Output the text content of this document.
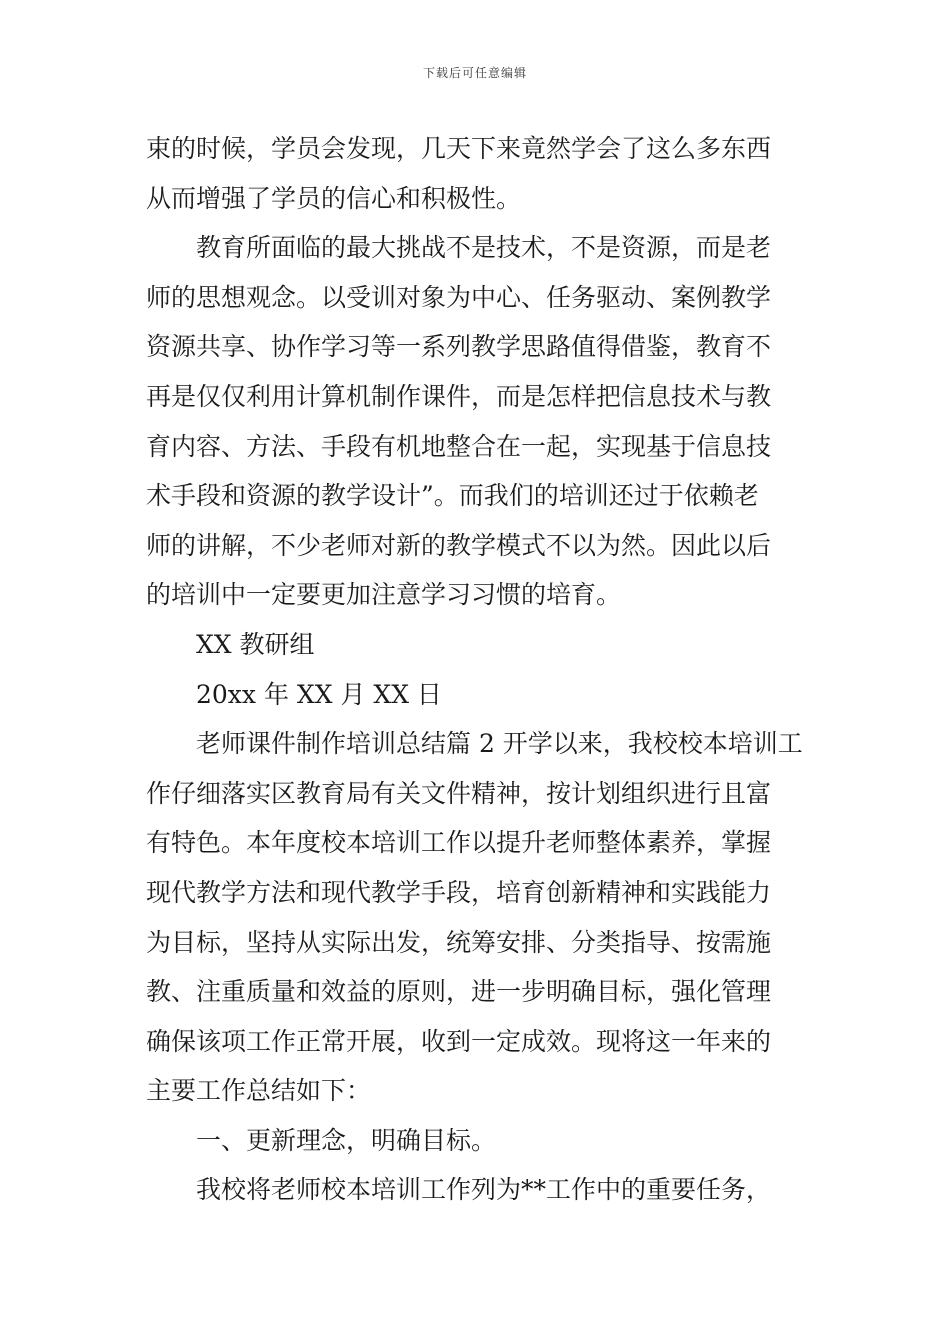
下载后可任意编辑
束的时候，学员会发现，几天下来竟然学会了这么多东西
从而增强了学员的信心和积极性。
教育所面临的最大挑战不是技术，不是资源，而是老
师的思想观念。以受训对象为中心、任务驱动、案例教学
资源共享、协作学习等一系列教学思路值得借鉴，教育不
再是仅仅利用计算机制作课件，而是怎样把信息技术与教
育内容、方法、手段有机地整合在一起，实现基于信息技
术手段和资源的教学设计”。而我们的培训还过于依赖老
师的讲解，不少老师对新的教学模式不以为然。因此以后
的培训中一定要更加注意学习习惯的培育。
XX 教研组
20xx 年 XX 月 XX 日
老师课件制作培训总结篇 2 开学以来，我校校本培训工
作仔细落实区教育局有关文件精神，按计划组织进行且富
有特色。本年度校本培训工作以提升老师整体素养，掌握
现代教学方法和现代教学手段，培育创新精神和实践能力
为目标，坚持从实际出发，统筹安排、分类指导、按需施
教、注重质量和效益的原则，进一步明确目标，强化管理
确保该项工作正常开展，收到一定成效。现将这一年来的
主要工作总结如下：
一、更新理念，明确目标。
我校将老师校本培训工作列为**工作中的重要任务，
